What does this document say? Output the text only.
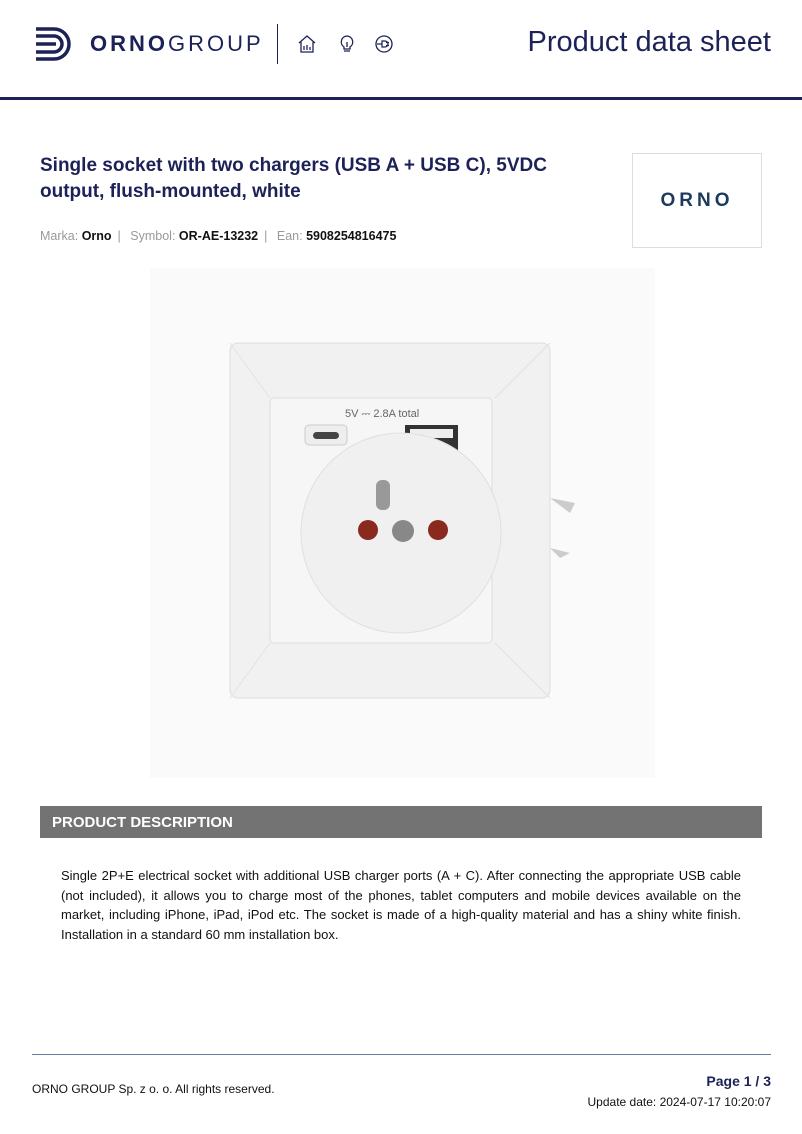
ORNOGROUP	Product data sheet
Single socket with two chargers (USB A + USB C), 5VDC output, flush-mounted, white
Marka: Orno | Symbol: OR-AE-13232 | Ean: 5908254816475
ORNO
5V ⎓ 2.8A total
PRODUCT DESCRIPTION
Single 2P+E electrical socket with additional USB charger ports (A + C). After connecting the appropriate USB cable (not included), it allows you to charge most of the phones, tablet computers and mobile devices available on the market, including iPhone, iPad, iPod etc. The socket is made of a high-quality material and has a shiny white finish. Installation in a standard 60 mm installation box.
ORNO GROUP Sp. z o. o. All rights reserved.	Page 1 / 3
Update date: 2024-07-17 10:20:07
